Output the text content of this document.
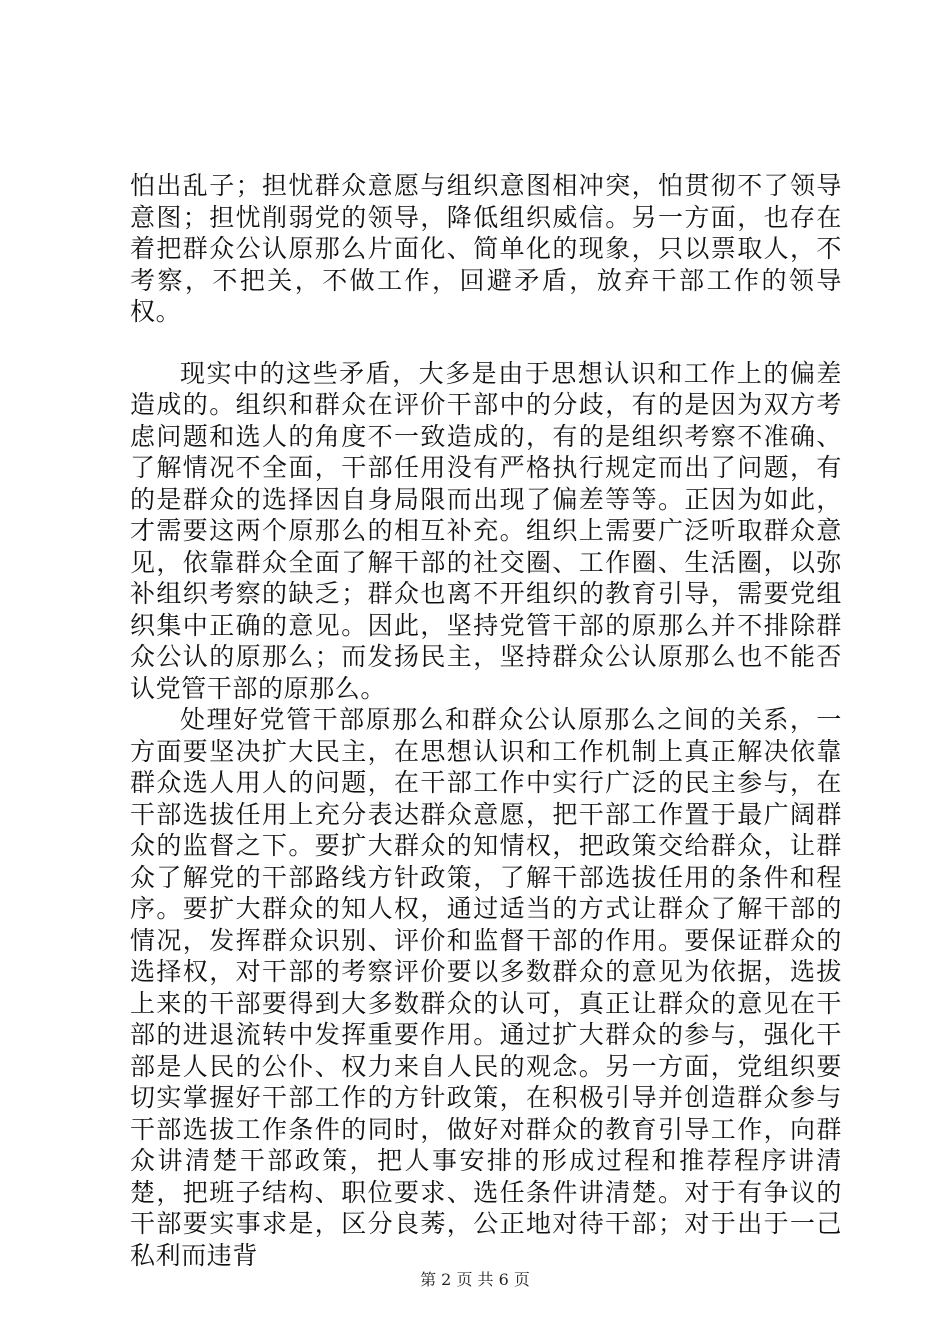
怕出乱子；担忧群众意愿与组织意图相冲突，怕贯彻不了领导意图；担忧削弱党的领导，降低组织威信。另一方面，也存在着把群众公认原那么片面化、简单化的现象，只以票取人，不考察，不把关，不做工作，回避矛盾，放弃干部工作的领导权。

现实中的这些矛盾，大多是由于思想认识和工作上的偏差造成的。组织和群众在评价干部中的分歧，有的是因为双方考虑问题和选人的角度不一致造成的，有的是组织考察不准确、了解情况不全面，干部任用没有严格执行规定而出了问题，有的是群众的选择因自身局限而出现了偏差等等。正因为如此，才需要这两个原那么的相互补充。组织上需要广泛听取群众意见，依靠群众全面了解干部的社交圈、工作圈、生活圈，以弥补组织考察的缺乏；群众也离不开组织的教育引导，需要党组织集中正确的意见。因此，坚持党管干部的原那么并不排除群众公认的原那么；而发扬民主，坚持群众公认原那么也不能否认党管干部的原那么。

处理好党管干部原那么和群众公认原那么之间的关系，一方面要坚决扩大民主，在思想认识和工作机制上真正解决依靠群众选人用人的问题，在干部工作中实行广泛的民主参与，在干部选拔任用上充分表达群众意愿，把干部工作置于最广阔群众的监督之下。要扩大群众的知情权，把政策交给群众，让群众了解党的干部路线方针政策，了解干部选拔任用的条件和程序。要扩大群众的知人权，通过适当的方式让群众了解干部的情况，发挥群众识别、评价和监督干部的作用。要保证群众的选择权，对干部的考察评价要以多数群众的意见为依据，选拔上来的干部要得到大多数群众的认可，真正让群众的意见在干部的进退流转中发挥重要作用。通过扩大群众的参与，强化干部是人民的公仆、权力来自人民的观念。另一方面，党组织要切实掌握好干部工作的方针政策，在积极引导并创造群众参与干部选拔工作条件的同时，做好对群众的教育引导工作，向群众讲清楚干部政策，把人事安排的形成过程和推荐程序讲清楚，把班子结构、职位要求、选任条件讲清楚。对于有争议的干部要实事求是，区分良莠，公正地对待干部；对于出于一己私利而违背

第 2 页 共 6 页
